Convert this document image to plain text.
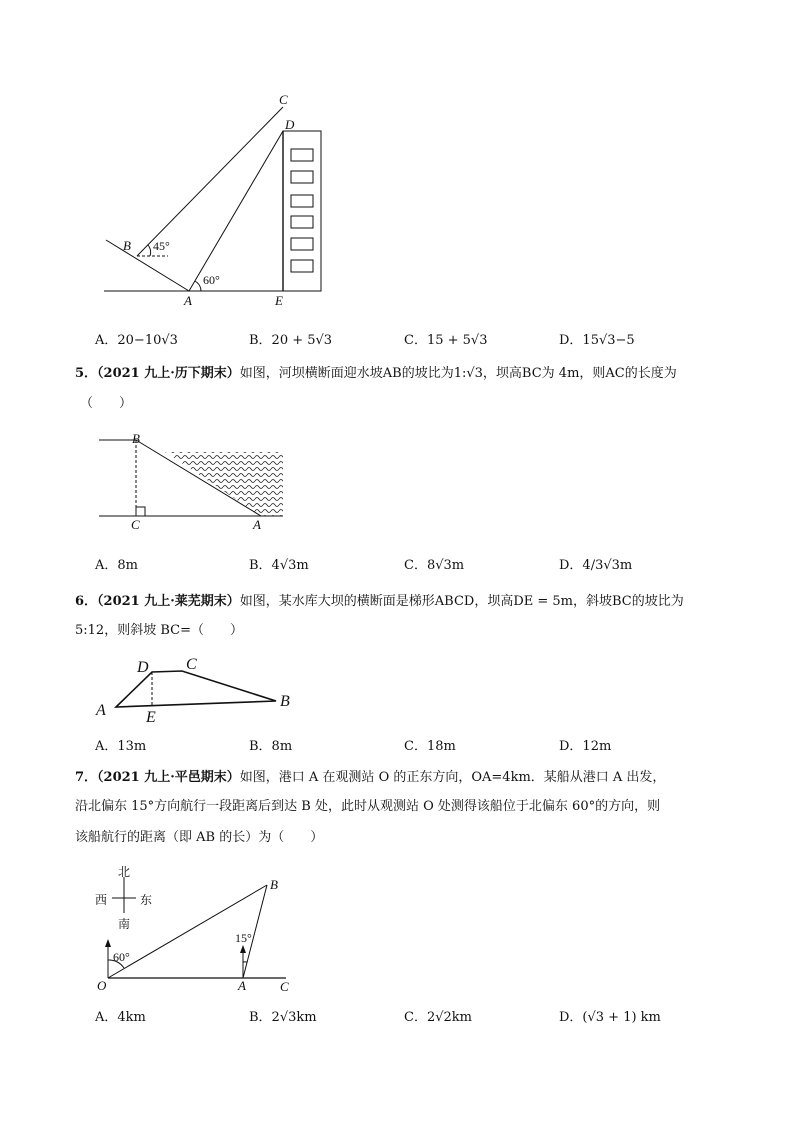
C
D
B 45°
60°
A	E
A．20−10√3	B．20 + 5√3	C．15 + 5√3	D．15√3−5
5．（2021 九上·历下期末）如图，河坝横断面迎水坡AB的坡比为1:√3，坝高BC为 4m，则AC的长度为
（　　）
B
C	A
A．8m	B．4√3m	C．8√3m	D．4/3√3m
6．（2021 九上·莱芜期末）如图，某水库大坝的横断面是梯形ABCD，坝高DE = 5m，斜坡BC的坡比为
5:12，则斜坡 BC=（　　）
A
D C
B
E
A．13m	B．8m	C．18m	D．12m
7．（2021 九上·平邑期末）如图，港口 A 在观测站 O 的正东方向，OA=4km．某船从港口 A 出发，
沿北偏东 15°方向航行一段距离后到达 B 处，此时从观测站 O 处测得该船位于北偏东 60°的方向，则
该船航行的距离（即 AB 的长）为（　　）
北
南
西	东
60°
15°
O	A	C
B
A．4km	B．2√3km	C．2√2km	D．(√3 + 1) km
